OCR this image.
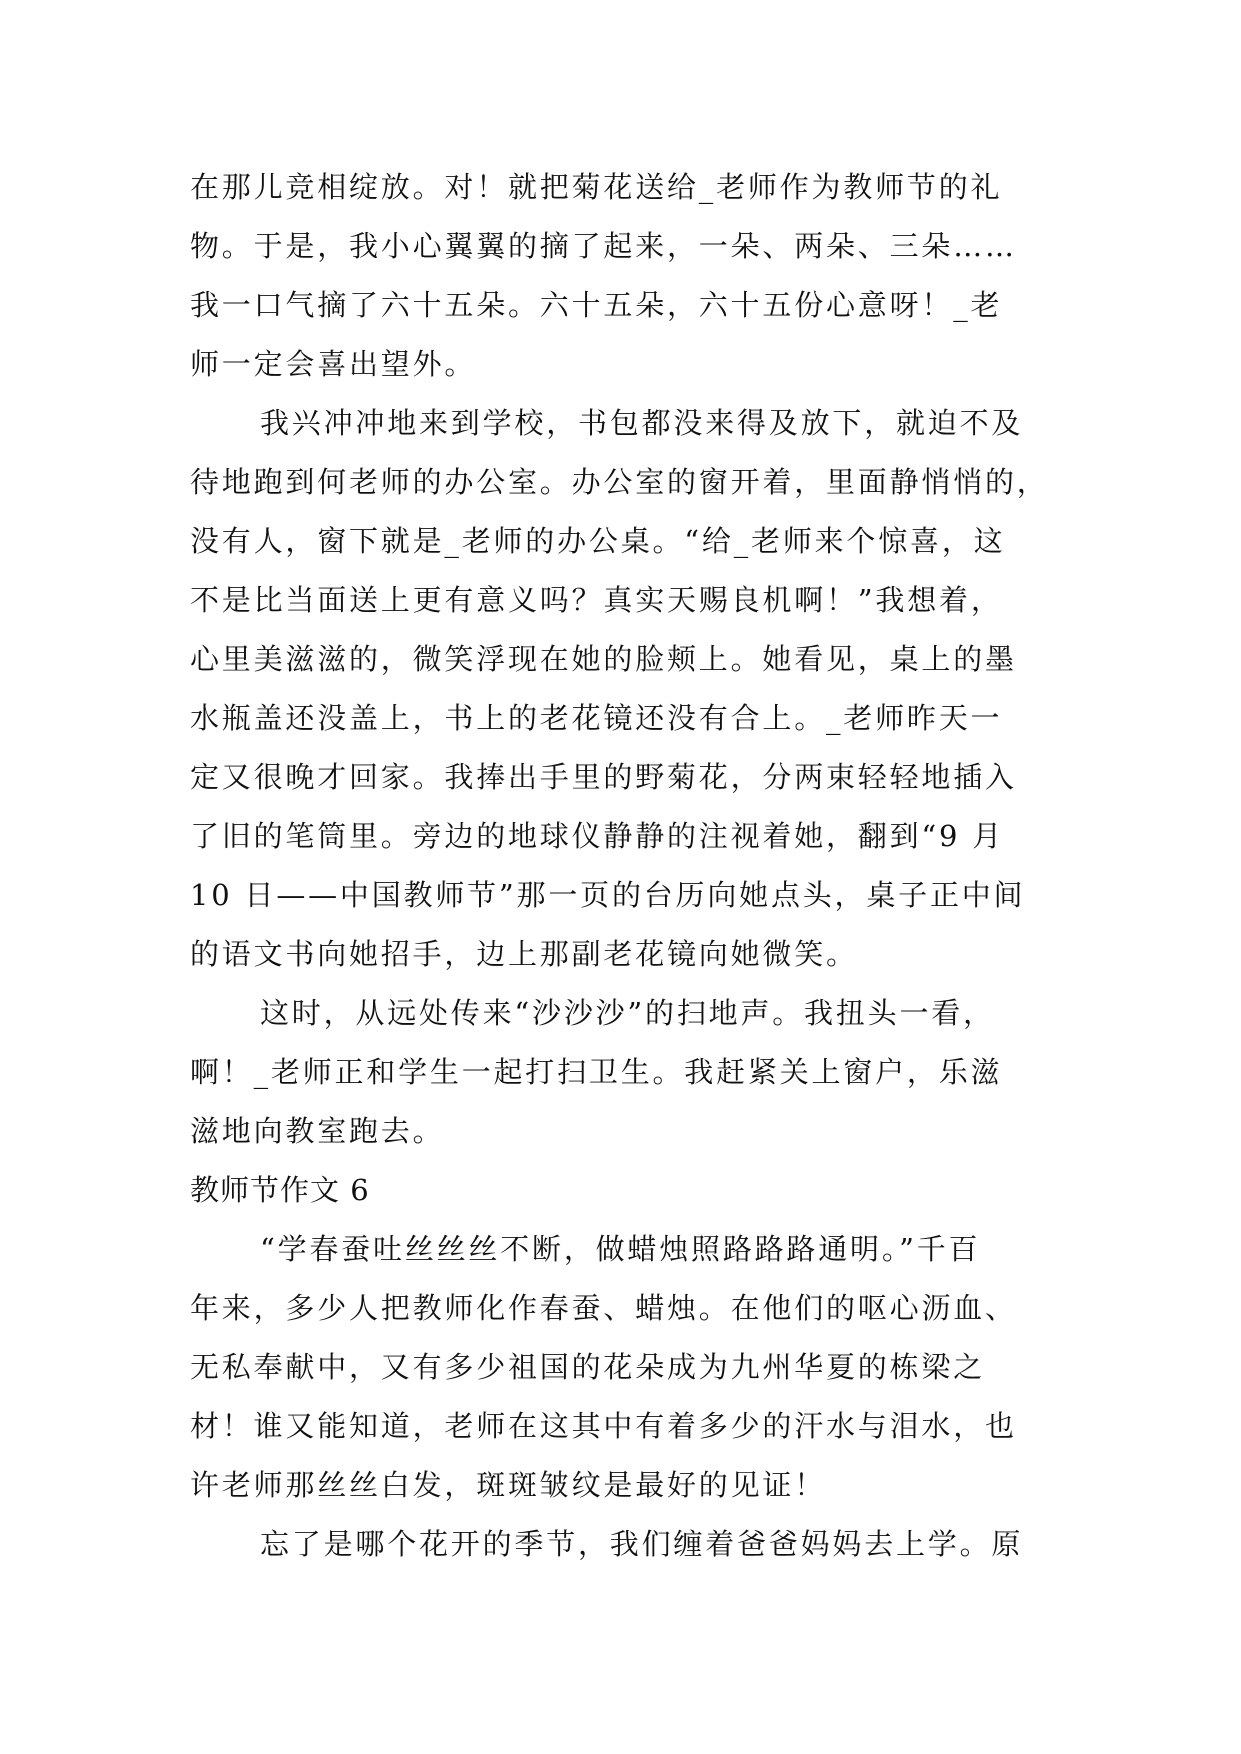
在那儿竞相绽放。对！就把菊花送给_老师作为教师节的礼
物。于是，我小心翼翼的摘了起来，一朵、两朵、三朵……
我一口气摘了六十五朵。六十五朵，六十五份心意呀！_老
师一定会喜出望外。
我兴冲冲地来到学校，书包都没来得及放下，就迫不及
待地跑到何老师的办公室。办公室的窗开着，里面静悄悄的，
没有人，窗下就是_老师的办公桌。“给_老师来个惊喜，这
不是比当面送上更有意义吗？真实天赐良机啊！”我想着，
心里美滋滋的，微笑浮现在她的脸颊上。她看见，桌上的墨
水瓶盖还没盖上，书上的老花镜还没有合上。_老师昨天一
定又很晚才回家。我捧出手里的野菊花，分两束轻轻地插入
了旧的笔筒里。旁边的地球仪静静的注视着她，翻到“9 月
10 日——中国教师节”那一页的台历向她点头，桌子正中间
的语文书向她招手，边上那副老花镜向她微笑。
这时，从远处传来“沙沙沙”的扫地声。我扭头一看，
啊！_老师正和学生一起打扫卫生。我赶紧关上窗户，乐滋
滋地向教室跑去。
教师节作文 6
“学春蚕吐丝丝丝不断，做蜡烛照路路路通明。”千百
年来，多少人把教师化作春蚕、蜡烛。在他们的呕心沥血、
无私奉献中，又有多少祖国的花朵成为九州华夏的栋梁之
材！谁又能知道，老师在这其中有着多少的汗水与泪水，也
许老师那丝丝白发，斑斑皱纹是最好的见证！
忘了是哪个花开的季节，我们缠着爸爸妈妈去上学。原
